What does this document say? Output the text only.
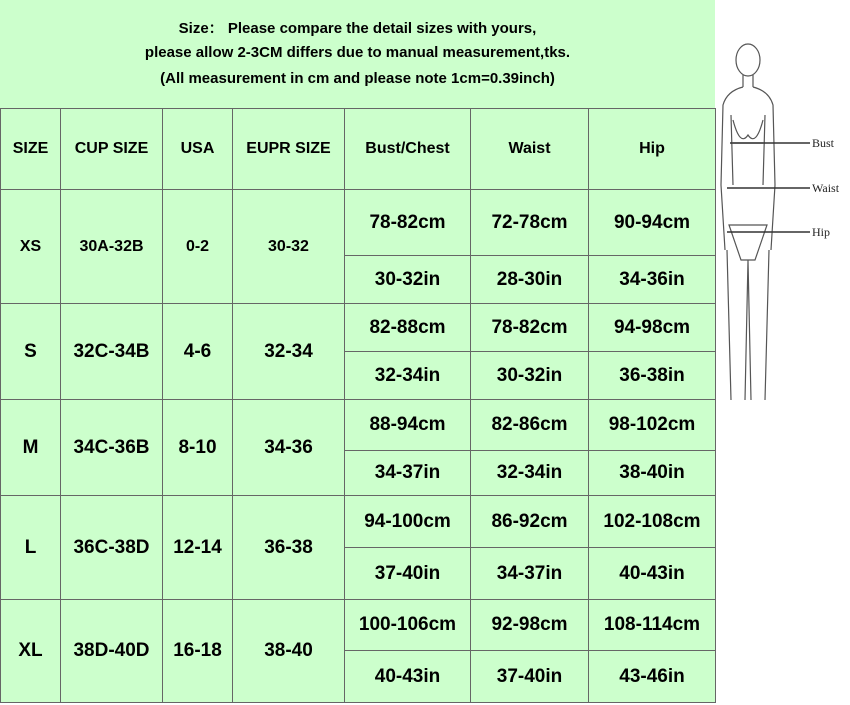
Size： Please compare the detail sizes with yours,
please allow 2-3CM differs due to manual measurement,tks.
(All measurement in cm and please note 1cm=0.39inch)
SIZE	CUP SIZE	USA	EUPR SIZE	Bust/Chest	Waist	Hip
XS	30A-32B	0-2	30-32	78-82cm	72-78cm	90-94cm
				30-32in	28-30in	34-36in
S	32C-34B	4-6	32-34	82-88cm	78-82cm	94-98cm
				32-34in	30-32in	36-38in
M	34C-36B	8-10	34-36	88-94cm	82-86cm	98-102cm
				34-37in	32-34in	38-40in
L	36C-38D	12-14	36-38	94-100cm	86-92cm	102-108cm
				37-40in	34-37in	40-43in
XL	38D-40D	16-18	38-40	100-106cm	92-98cm	108-114cm
				40-43in	37-40in	43-46in
Bust
Waist
Hip
